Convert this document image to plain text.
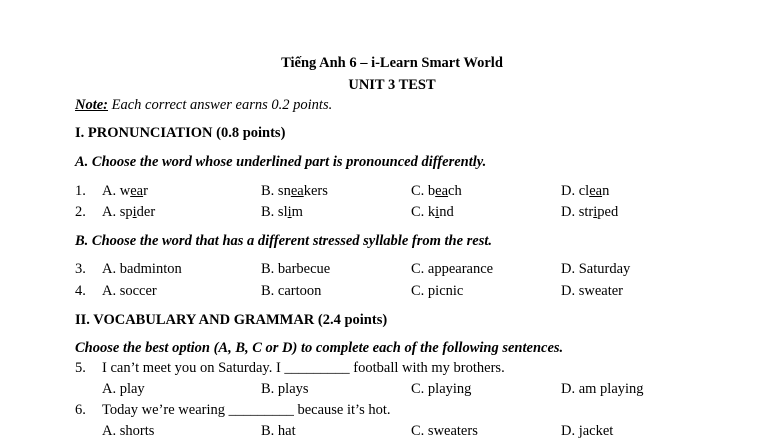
Tiếng Anh 6 – i-Learn Smart World
UNIT 3 TEST
Note: Each correct answer earns 0.2 points.
I. PRONUNCIATION (0.8 points)
A. Choose the word whose underlined part is pronounced differently.
1. A. wear	B. sneakers	C. beach	D. clean
2. A. spider	B. slim	C. kind	D. striped
B. Choose the word that has a different stressed syllable from the rest.
3. A. badminton	B. barbecue	C. appearance	D. Saturday
4. A. soccer	B. cartoon	C. picnic	D. sweater
II. VOCABULARY AND GRAMMAR (2.4 points)
Choose the best option (A, B, C or D) to complete each of the following sentences.
5. I can’t meet you on Saturday. I _________ football with my brothers.
A. play	B. plays	C. playing	D. am playing
6. Today we’re wearing _________ because it’s hot.
A. shorts	B. hat	C. sweaters	D. jacket
